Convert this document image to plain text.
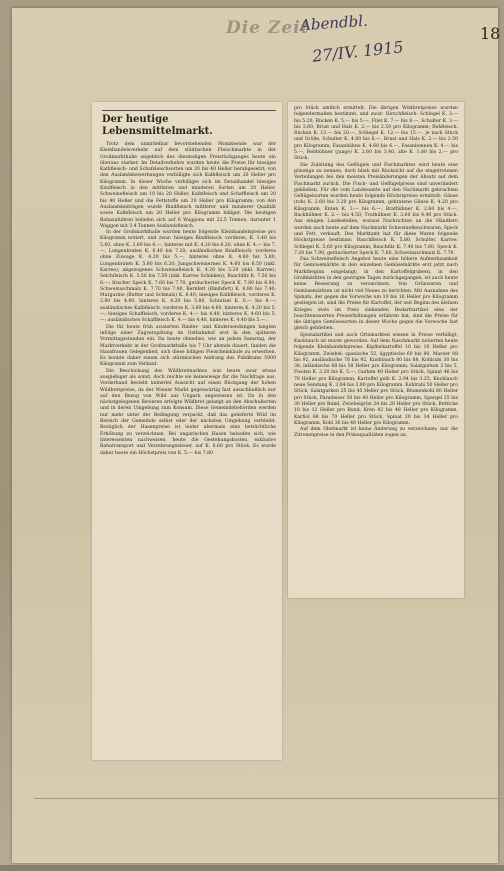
Die Zeit
Abendbl.
27/IV. 1915
18
Der heutige Lebensmittelmarkt.

Trotz dem unmittelbar bevorstehenden Monatsende war der Kleinhandelsverkehr auf dem städtischen Fleischmarkte in der Großmarkthalle angeblich des diesmaligen Preisrückganges heute ein überaus starker. Im Detailverkehre wurden heute die Preise für hiesiges Kalbfleisch- und Schafsleischsorten um 20 bis 40 Heller herabgesetzt; von den Auslandsbewerbungen verbilligte sich Kalbfleisch um 20 Heller pro Kilogramm. In dieser Woche verbilligte sich im Detailhandel hiesiges Kindfleisch in den mittleren und minderen Sorten um 20 Heller, Schweinefleisch um 10 bis 20 Heller, Kalbfleisch und Schaffleisch um 20 bis 40 Heller und die Fettstoffe um 20 Heller pro Kilogramm; von den Auslandsbeiträgen wurde Rindfleisch mittlerer und minderer Qualität sowie Kalbfleisch um 20 Heller pro Kilogramm billiger. Die heutigen Bahnzufuhren beliefen sich auf 6 Waggons mit 22.5 Tonnen, darunter 1 Waggon mit 3.4 Tonnen Auslandsfleisch.

In der Großmarkthalle wurden heute folgende Kleinhandelspreise pro Kilogramm notiert, und zwar: hiesiges Rindfleisch: vorderes, K. 3.40 bis 5.60, ohne K. 3.60 bis 6.—, hinteres mit K. 4.20 bis 6.20, ohne K. 4.— bis 7.—, Lungenbraten K. 6.40 bis 7.20; ausländisches Rindfleisch: vorderes ohne Zuwage K. 4.20 bis 5.—, hinteres ohne K. 4.80 bis 5.80, Lungenbraten K. 5.80 bis 6.20; Jungschweinernes K. 4.60 bis 6.50 (inkl. Karree); abgezogenes Schweinefleisch K. 4.20 bis 5.20 (inkl. Karree); Selchfleisch K. 5.50 bis 7.50 (inkl. Karree Schinken); Bauchfilz K. 7.50 bis 8.—; frischer Speck K. 7.60 bis 7.70, geräucherter Speck K. 7.80 bis 8.80; Schweinsschmalz K. 7.70 bis 7.80, Kernfett (Rindsfett) K. 6.80 bis 7.40; Margarine (Butter und Schmalz) K. 6.40; hiesiges Kalbfleisch, vorderes K. 2.80 bis 4.80, hinteres K. 4.20 bis 5.80, Schnitzel K. 6.— bis 8.—; ausländisches Kalbfleisch, vorderes K. 3.60 bis 4.60, hinteres K. 4.20 bis 5.—; hiesiges Schaffleisch, vorderes K. 4.— bis 4.40, hinteres K. 4.60 bis 5.—; ausländisches Schaffleisch K. 4.— bis 4.40, hinteres K. 4.40 bis 5.—.

Die für heute früh avisierten Rinder- und Kindersendungen langten infolge einer Zugverspätung im Ostbahnhof erst in den späteren Vormittagsstunden ein. Da heute ohnedies, wie an jedem Samstag, der Marktverkehr in der Großmarkthalle bis 7 Uhr abends dauert, fanden die Hausfrauen Gelegenheit, sich diese billigen Fleischeinkäufe zu erwerben. Es konnte daher einem sich stürmischen Andrang des Publikums 5000 Kilogramm zum Verkauf.

Die Beschickung des Wildbretmarktes war heute zwar etwas ausgiebiger als sonst, doch reichte sie keineswegs für die Nachfrage aus. Vorderhand besteht keinerlei Aussicht auf einen Rückgang der hohen Wildbretpreise, da der Wiener Markt gegenwärtig fast ausschließlich nur auf den Bezug von Wild aus Ungarn angewiesen ist. Da in den nächstgelegenen Revieren erfolgte Wildbret gelangt an den Abschußorten und in deren Umgebung zum Konsum. Diese Gemeindebehörden werden nur mehr unter der Bedingung verpackt, daß das gelieferte Wild im Bereich der Gemeinde selbst oder der nächsten Umgebung verbleibt. Bezüglich der Hasenpreise ist leider abermals eine beträchtliche Erhöhung zu verzeichnen. Bei ungarischen Hasen belaufen sich, wie Interessenten nachweisen, heute die Gestehungskosten, exklusive Bahntransport und Verzehrungssteuer, auf K. 6.60 pro Stück. Es wurde daher heute ein Höchstpreis von K. 5.— bis 7.80

pro Stück amtlich ermittelt. Die übrigen Wildbretpreise wurden folgendermaßen bestimmt, und zwar: Hirschfleisch: Schlegel K. 3.— bis 5.20, Rücken K. 5.— bis 5.—, Filet K. 7.— bis 8.—, Schulter K. 3.— bis 3.60, Brust und Hals K. 2.— bis 2.50 pro Kilogramm; Rehfleisch: Rücken K. 12.— bis 20.—, Schlegel K. 12.— bis 15.—, je nach Stück und Größe, Schulter K. 4.80 bis 6.—, Brust und Hals K. 2.— bis 2.50 pro Kilogramm; Fasanhähne K. 4.60 bis 6.—, Fasanhennen K. 4.— bis 5.—, Rebhühner (junge) K. 2.60 bis 3.40, alte K. 1.80 bis 2.— pro Stück.

Die Zuleitung des Geflügels und Fischmarktes wird heute eine günstige zu nennen, doch blieb mit Rücksicht auf die eingetretenen Verteilungen bei den meisten Preisänderungen der Absatz auf dem Fischmarkt zurück. Die Fisch- und Geflügelpreise sind unverändert geblieben. Für die vom Landesamte auf den Nachmarkt gebrachten Geflügelsorten wurden heute folgende Höchstpreise ermittelt: Gänse (roh) K. 2.60 bis 3.20 pro Kilogramm, gebratene Gänse K. 4.20 pro Kilogramm, Enten K. 3.— bis 6.—, Brathühner K. 2.60 bis 4.—, Backhühner K. 2.— bis 4.50, Truthühner K. 3.60 bis 4.40 pro Stück. Aus einigen Landesteilen, woraus Nachrichten an die Händlern wurden auch heute auf dem Nachmarkt Schweinefleischwaren, Speck und Fett, verkauft. Des Marktamt hat für diese Waren folgende Höchstpreise bestimmt: Bauchfleisch K. 5.80, Schulter, Karree, Schlegel K. 5.60 pro Kilogramm; Bauchfilz K. 7.40 bis 7.60, Speck K. 7.20 bis 7.90, geräucherter Speck K. 7.60, Schweinsschmalz K. 7.70.

Das Schweinefleisch Angebot heute eine höhere Aufmerksamkeit für Gemüsemärkte in den einzelnen Gemüsemärkte erst jetzt nach Marktbeginn eingelangt; in den Kartoffelgrubern, in den Großmärkten in den gestrigen Tagen zurückgegangen, ist auch heute keine Besserung zu verzeichnen. Von Grünwaren und Gemüsemärkten ist nicht viel Neues zu berichten. Mit Ausnahme des Spinats, der gegen die Vorwoche um 10 bis 16 Heller pro Kilogramm gestiegen ist, sind die Preise für Kartoffel, der seit Beginn des kleinen Krieges stets im Preis sinkenden Bedarfsartikel eine der beachtenswerten Preiserhöhungen erfahren hat, sind die Preise für die übrigen Gemüsesorten in dieser Woche gegen die Vorwoche fast gleich geblieben.

Spezialartikel und auch Ortsmarkten wiesen in Preise verbilligt, Knoblauch ist teurer geworden. Auf dem Naschmarkt notierten heute folgende Kleinhandelspreise: Kipflerkartoffel 10 bis 16 Heller pro Kilogramm, Zwiebel: spanische 52, ägyptische 60 bis 80, Maroer 88 bis 92, ausländische 78 bis 92, Knoblauch 80 bis 88, Kohlrabi 30 bis 38, inländische 68 bis 58 Heller pro Kilogramm, Salatgurken 2 bis 5, Fisolen K. 3.20 bis K. 5.—, Gurken 40 Heller pro Stück, Spinat 46 bis 78 Heller pro Kilogramm, Kartoffel gelb K. 2.94 bis 3.25, Knoblauch neue Sendung K. 3.84 bis 3.90 pro Kilogramm. Kohlrabi 50 Heller pro Stück, Salatgurken 25 bis 45 Heller pro Stück, Blumenkohl 80 Heller pro Stück, Paradeiser 30 bis 40 Heller pro Kilogramm, Spargel 25 bis 30 Heller pro Bund, Zwiebelgrün 24 bis 28 Heller pro Stück, Rettiche 10 bis 12 Heller pro Bund, Kren 42 bis 48 Heller pro Kilogramm, Karfiol 68 bis 70 Heller pro Stück, Spinat 20 bis 34 Heller pro Kilogramm, Kohl 36 bis 48 Heller pro Kilogramm.

Auf dem Obstmarkt ist keine Änderung zu verzeichnen; nur die Zitronenpreise in den Primaqualitäten zogen an.
